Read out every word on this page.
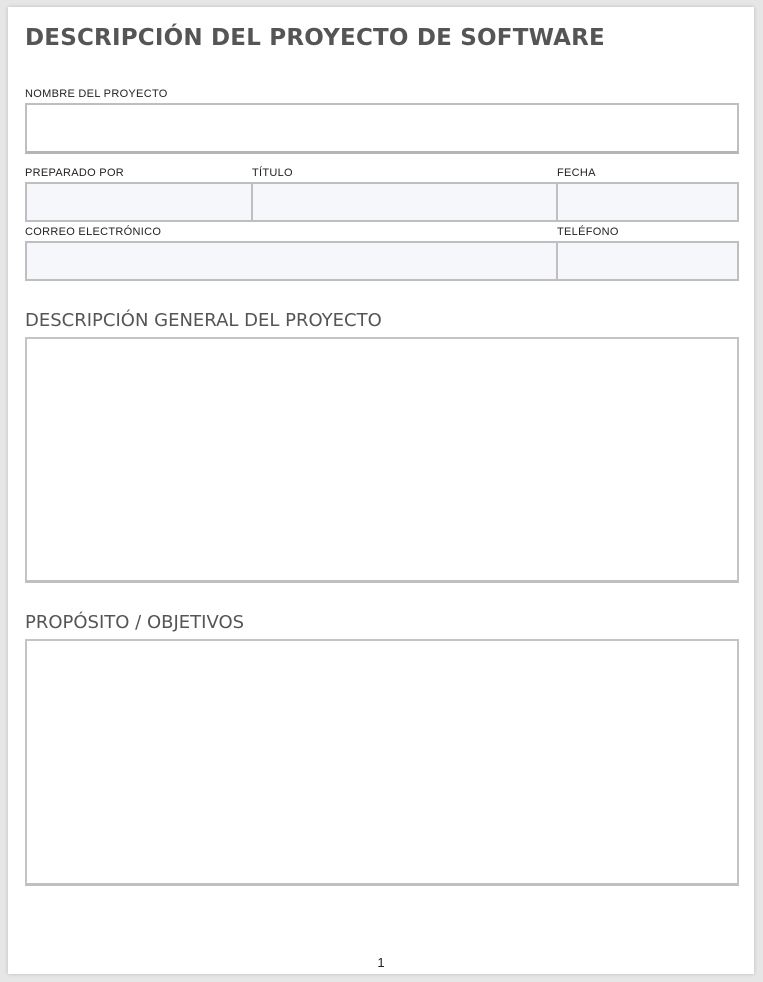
DESCRIPCIÓN DEL PROYECTO DE SOFTWARE
NOMBRE DEL PROYECTO
PREPARADO POR	TÍTULO	FECHA
CORREO ELECTRÓNICO	TELÉFONO
DESCRIPCIÓN GENERAL DEL PROYECTO
PROPÓSITO / OBJETIVOS
1
